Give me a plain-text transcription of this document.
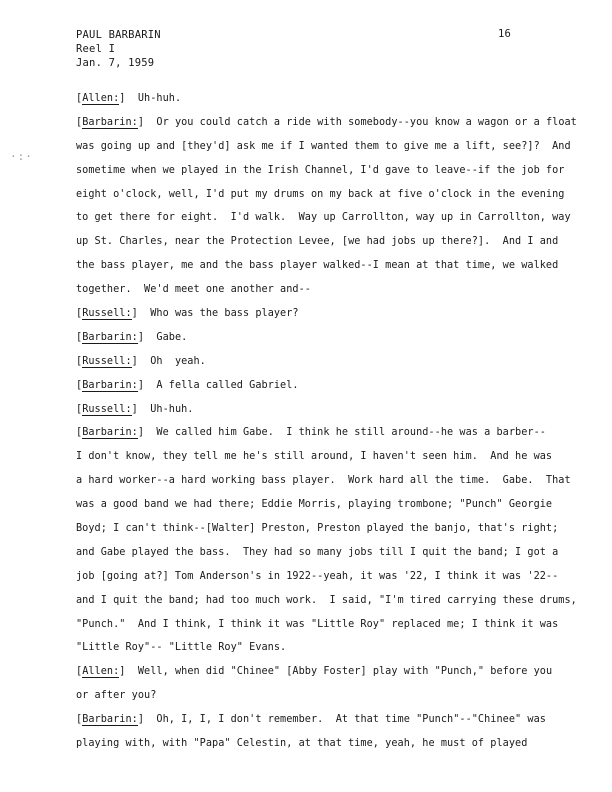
PAUL BARBARIN
Reel I
Jan. 7, 1959
16
·:·
[Allen:]  Uh-huh.
[Barbarin:]  Or you could catch a ride with somebody--you know a wagon or a float
was going up and [they'd] ask me if I wanted them to give me a lift, see?]?  And
sometime when we played in the Irish Channel, I'd gave to leave--if the job for
eight o'clock, well, I'd put my drums on my back at five o'clock in the evening
to get there for eight.  I'd walk.  Way up Carrollton, way up in Carrollton, way
up St. Charles, near the Protection Levee, [we had jobs up there?].  And I and
the bass player, me and the bass player walked--I mean at that time, we walked
together.  We'd meet one another and--
[Russell:]  Who was the bass player?
[Barbarin:]  Gabe.
[Russell:]  Oh  yeah.
[Barbarin:]  A fella called Gabriel.
[Russell:]  Uh-huh.
[Barbarin:]  We called him Gabe.  I think he still around--he was a barber--
I don't know, they tell me he's still around, I haven't seen him.  And he was
a hard worker--a hard working bass player.  Work hard all the time.  Gabe.  That
was a good band we had there; Eddie Morris, playing trombone; "Punch" Georgie
Boyd; I can't think--[Walter] Preston, Preston played the banjo, that's right;
and Gabe played the bass.  They had so many jobs till I quit the band; I got a
job [going at?] Tom Anderson's in 1922--yeah, it was '22, I think it was '22--
and I quit the band; had too much work.  I said, "I'm tired carrying these drums,
"Punch."  And I think, I think it was "Little Roy" replaced me; I think it was
"Little Roy"-- "Little Roy" Evans.
[Allen:]  Well, when did "Chinee" [Abby Foster] play with "Punch," before you
or after you?
[Barbarin:]  Oh, I, I, I don't remember.  At that time "Punch"--"Chinee" was
playing with, with "Papa" Celestin, at that time, yeah, he must of played
